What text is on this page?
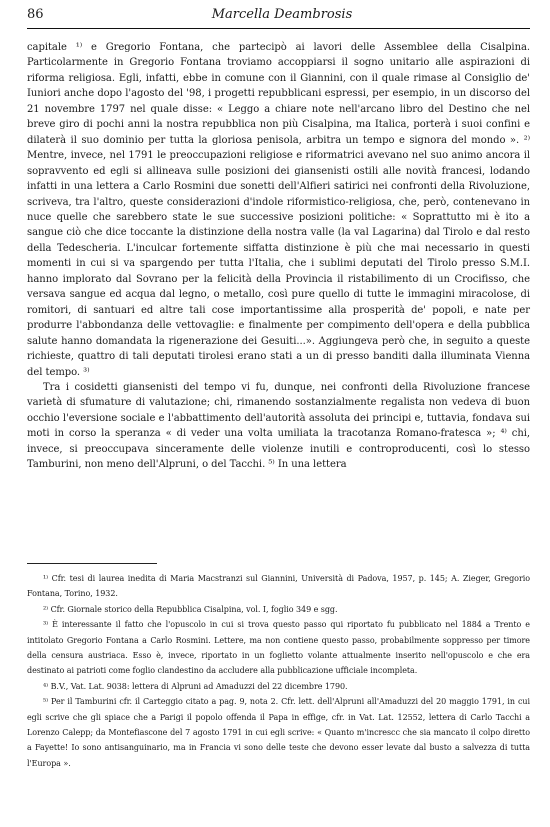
86	Marcella Deambrosis

capitale ¹⁾ e Gregorio Fontana, che partecipò ai lavori delle Assemblee della Cisalpina. Particolarmente in Gregorio Fontana troviamo accoppiarsi il sogno unitario alle aspirazioni di riforma religiosa. Egli, infatti, ebbe in comune con il Giannini, con il quale rimase al Consiglio de' Iuniori anche dopo l'agosto del '98, i progetti repubblicani espressi, per esempio, in un discorso del 21 novembre 1797 nel quale disse: « Leggo a chiare note nell'arcano libro del Destino che nel breve giro di pochi anni la nostra repubblica non più Cisalpina, ma Italica, porterà i suoi confini e dilaterà il suo dominio per tutta la gloriosa penisola, arbitra un tempo e signora del mondo ». ²⁾ Mentre, invece, nel 1791 le preoccupazioni religiose e riformatrici avevano nel suo animo ancora il sopravvento ed egli si allineava sulle posizioni dei giansenisti ostili alle novità francesi, lodando infatti in una lettera a Carlo Rosmini due sonetti dell'Alfieri satirici nei confronti della Rivoluzione, scriveva, tra l'altro, queste considerazioni d'indole riformistico-religiosa, che, però, contenevano in nuce quelle che sarebbero state le sue successive posizioni politiche: « Soprattutto mi è ito a sangue ciò che dice toccante la distinzione della nostra valle (la val Lagarina) dal Tirolo e dal resto della Tedescheria. L'inculcar fortemente siffatta distinzione è più che mai necessario in questi momenti in cui si va spargendo per tutta l'Italia, che i sublimi deputati del Tirolo presso S.M.I. hanno implorato dal Sovrano per la felicità della Provincia il ristabilimento di un Crocifisso, che versava sangue ed acqua dal legno, o metallo, così pure quello di tutte le immagini miracolose, di romitori, di santuari ed altre tali cose importantissime alla prosperità de' popoli, e nate per produrre l'abbondanza delle vettovaglie: e finalmente per compimento dell'opera e della pubblica salute hanno domandata la rigenerazione dei Gesuiti...». Aggiungeva però che, in seguito a queste richieste, quattro di tali deputati tirolesi erano stati a un di presso banditi dalla illuminata Vienna del tempo. ³⁾

Tra i cosidetti giansenisti del tempo vi fu, dunque, nei confronti della Rivoluzione francese varietà di sfumature di valutazione; chi, rimanendo sostanzialmente regalista non vedeva di buon occhio l'eversione sociale e l'abbattimento dell'autorità assoluta dei principi e, tuttavia, fondava sui moti in corso la speranza « di veder una volta umiliata la tracotanza Romano-fratesca »; ⁴⁾ chi, invece, si preoccupava sinceramente delle violenze inutili e controproducenti, così lo stesso Tamburini, non meno dell'Alpruni, o del Tacchi. ⁵⁾ In una lettera

¹⁾ Cfr. tesi di laurea inedita di Maria Macstranzi sul Giannini, Università di Padova, 1957, p. 145; A. Zieger, Gregorio Fontana, Torino, 1932.

²⁾ Cfr. Giornale storico della Repubblica Cisalpina, vol. I, foglio 349 e sgg.

³⁾ È interessante il fatto che l'opuscolo in cui si trova questo passo qui riportato fu pubblicato nel 1884 a Trento e intitolato Gregorio Fontana a Carlo Rosmini. Lettere, ma non contiene questo passo, probabilmente soppresso per timore della censura austriaca. Esso è, invece, riportato in un foglietto volante attualmente inserito nell'opuscolo e che era destinato ai patrioti come foglio clandestino da accludere alla pubblicazione ufficiale incompleta.

⁴⁾ B.V., Vat. Lat. 9038: lettera di Alpruni ad Amaduzzi del 22 dicembre 1790.

⁵⁾ Per il Tamburini cfr. il Carteggio citato a pag. 9, nota 2. Cfr. lett. dell'Alpruni all'Amaduzzi del 20 maggio 1791, in cui egli scrive che gli spiace che a Parigi il popolo offenda il Papa in effige, cfr. in Vat. Lat. 12552, lettera di Carlo Tacchi a Lorenzo Calepp; da Montefiascone del 7 agosto 1791 in cui egli scrive: « Quanto m'increscc che sia mancato il colpo diretto a Fayette! Io sono antisanguinario, ma in Francia vi sono delle teste che devono esser levate dal busto a salvezza di tutta l'Europa ».
